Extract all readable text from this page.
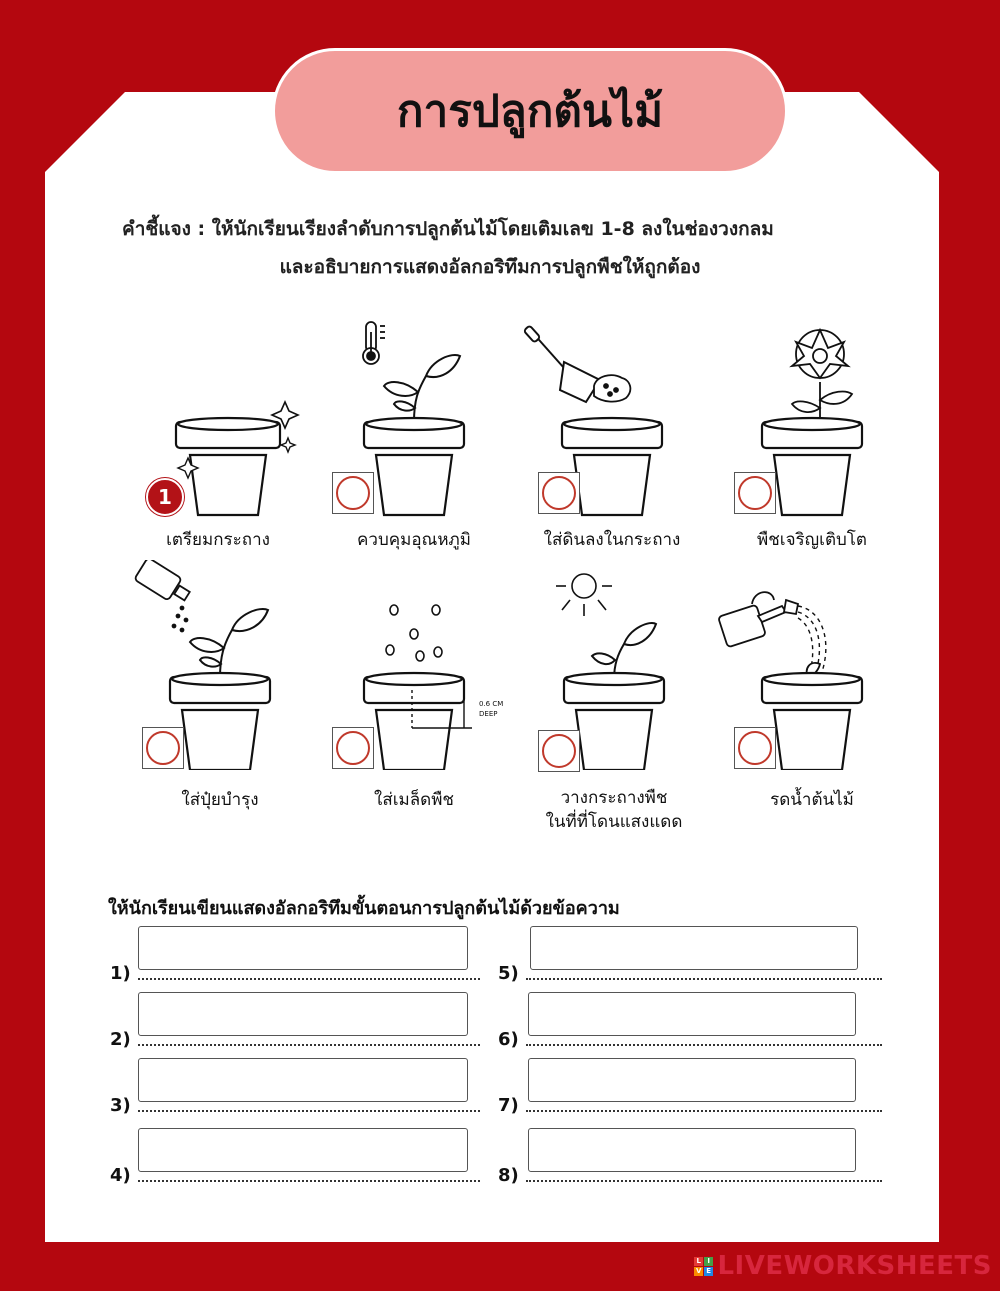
การปลูกต้นไม้
คำชี้แจง : ให้นักเรียนเรียงลำดับการปลูกต้นไม้โดยเติมเลข 1-8 ลงในช่องวงกลม
และอธิบายการแสดงอัลกอริทึมการปลูกพืชให้ถูกต้อง
1
เตรียมกระถาง	ควบคุมอุณหภูมิ	ใส่ดินลงในกระถาง	พืชเจริญเติบโต
ใส่ปุ๋ยบำรุง
0.6 CM
DEEP
ใส่เมล็ดพืช	วางกระถางพืช
ในที่ที่โดนแสงแดด
รดน้ำต้นไม้
ให้นักเรียนเขียนแสดงอัลกอริทึมขั้นตอนการปลูกต้นไม้ด้วยข้อความ
1)
2)
3)
4)
5)
6)
7)
8)
L I
V E LIVEWORKSHEETS
